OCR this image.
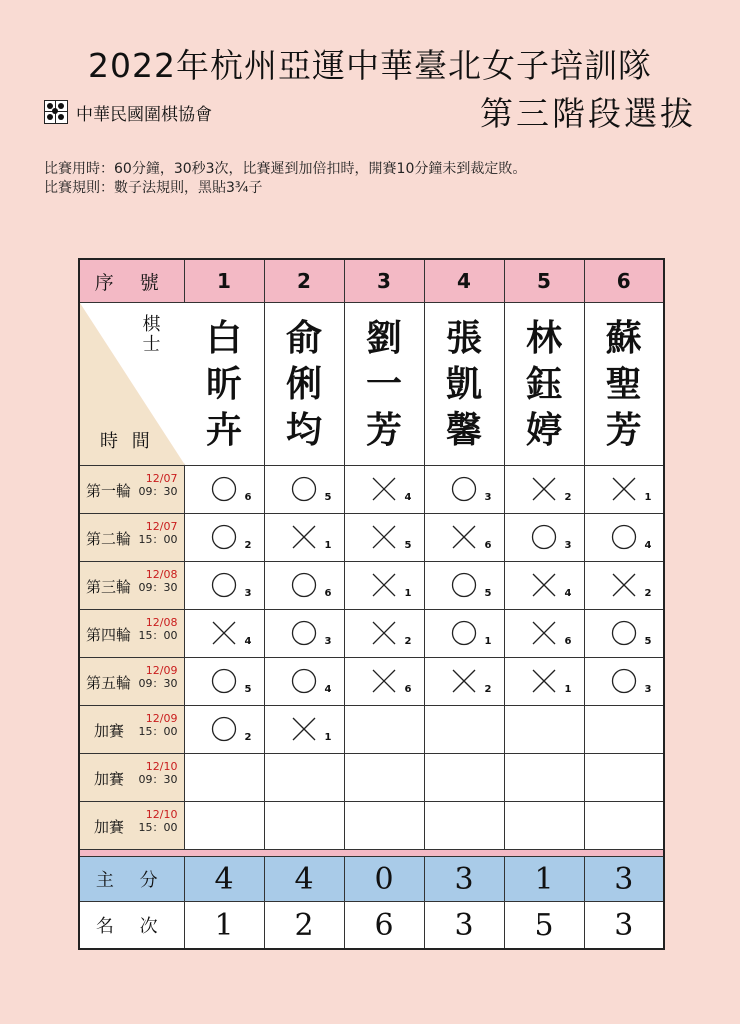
2022年杭州亞運中華臺北女子培訓隊
中華民國圍棋協會	第三階段選拔
比賽用時：60分鐘，30秒3次，比賽遲到加倍扣時，開賽10分鐘未到裁定敗。
比賽規則：數子法規則，黑貼3¾子
序 號	1	2	3	4	5	6

棋士
時 間	白昕卉	俞俐均	劉一芳	張凱馨	林鈺婷	蘇聖芳

第一輪
12/07
09：30	6	5	4	3	2	1

第二輪
12/07
15：00	2	1	5	6	3	4

第三輪
12/08
09：30	3	6	1	5	4	2

第四輪
12/08
15：00	4	3	2	1	6	5

第五輪
12/09
09：30	5	4	6	2	1	3

加賽
12/09
15：00	2	1				

加賽
12/10
09：30						

加賽
12/10
15：00						

主 分	4	4	0	3	1	3
名 次	1	2	6	3	5	3
